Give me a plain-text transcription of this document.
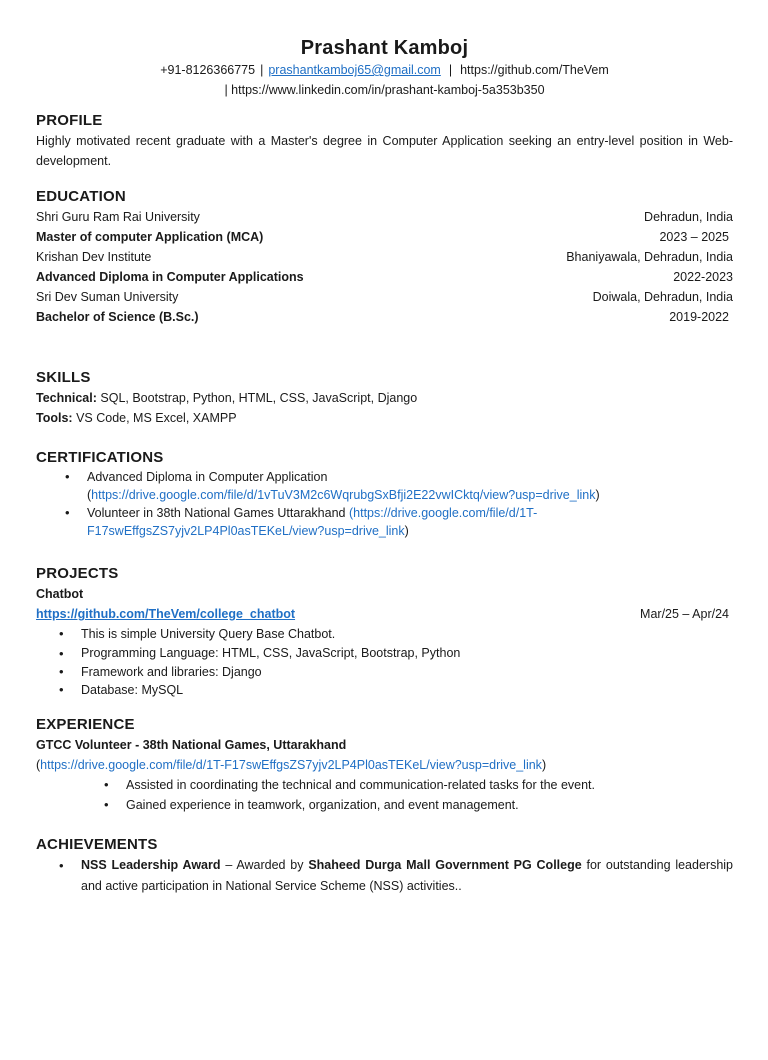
Prashant Kamboj
+91-8126366775 | prashantkamboj65@gmail.com | https://github.com/TheVem
| https://www.linkedin.com/in/prashant-kamboj-5a353b350
PROFILE
Highly motivated recent graduate with a Master's degree in Computer Application seeking an entry-level position in Web-development.
EDUCATION
Shri Guru Ram Rai University	Dehradun, India
Master of computer Application (MCA)	2023 – 2025
Krishan Dev Institute	Bhaniyawala, Dehradun, India
Advanced Diploma in Computer Applications	2022-2023
Sri Dev Suman University	Doiwala, Dehradun, India
Bachelor of Science (B.Sc.)	2019-2022
SKILLS
Technical: SQL, Bootstrap, Python, HTML, CSS, JavaScript, Django
Tools: VS Code, MS Excel, XAMPP
CERTIFICATIONS
• Advanced Diploma in Computer Application
(https://drive.google.com/file/d/1vTuV3M2c6WqrubgSxBfji2E22vwICktq/view?usp=drive_link)
• Volunteer in 38th National Games Uttarakhand (https://drive.google.com/file/d/1T-
F17swEffgsZS7yjv2LP4Pl0asTEKeL/view?usp=drive_link)
PROJECTS
Chatbot
https://github.com/TheVem/college_chatbot	Mar/25 – Apr/24
• This is simple University Query Base Chatbot.
• Programming Language: HTML, CSS, JavaScript, Bootstrap, Python
• Framework and libraries: Django
• Database: MySQL
EXPERIENCE
GTCC Volunteer - 38th National Games, Uttarakhand
(https://drive.google.com/file/d/1T-F17swEffgsZS7yjv2LP4Pl0asTEKeL/view?usp=drive_link)
• Assisted in coordinating the technical and communication-related tasks for the event.
• Gained experience in teamwork, organization, and event management.
ACHIEVEMENTS
• NSS Leadership Award – Awarded by Shaheed Durga Mall Government PG College for outstanding leadership and active participation in National Service Scheme (NSS) activities..
